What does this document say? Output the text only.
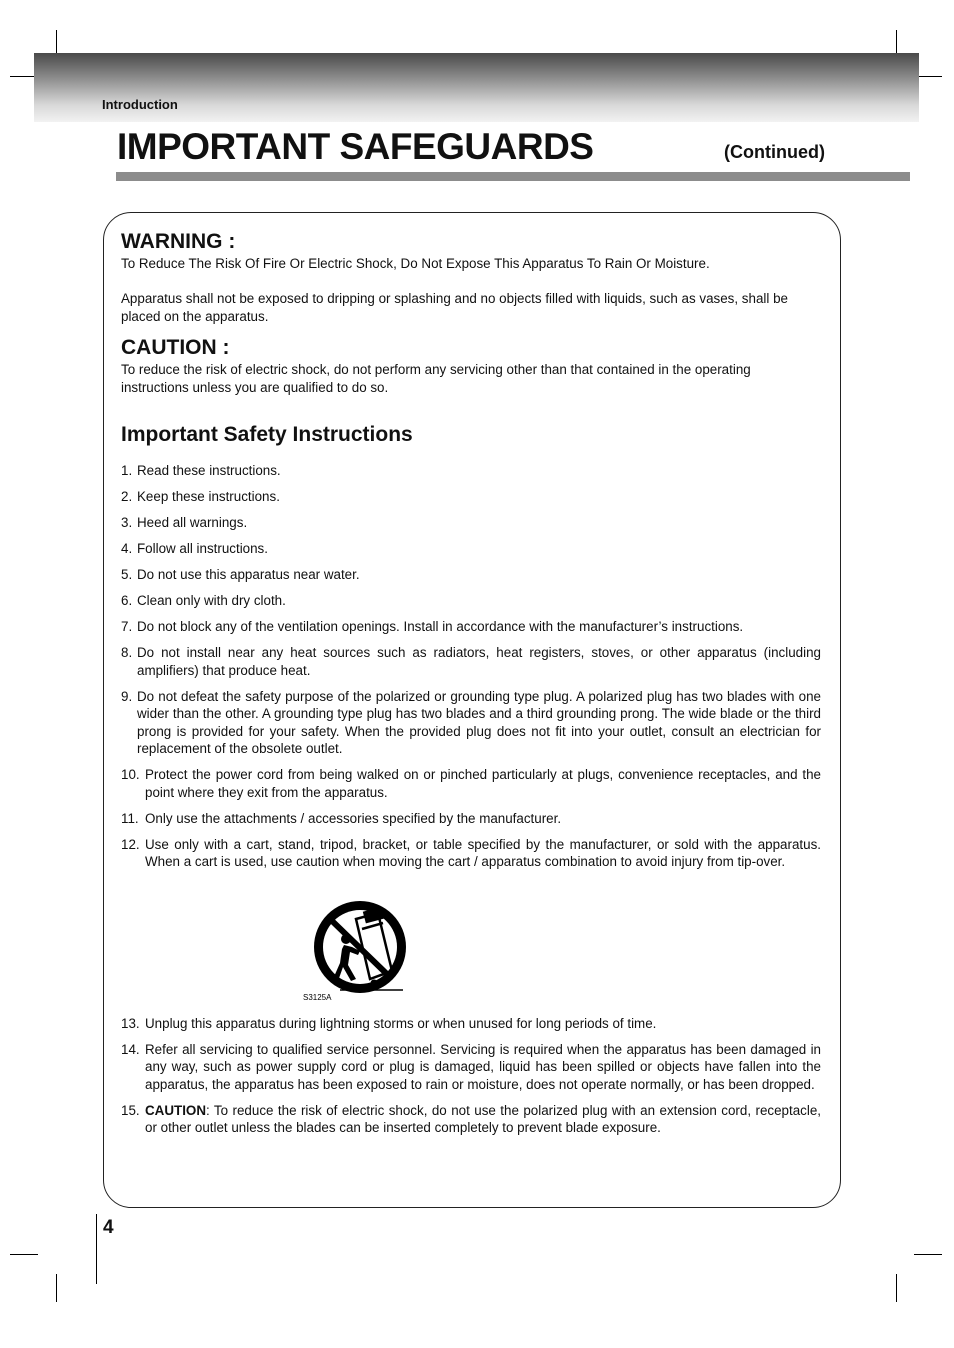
Introduction
IMPORTANT SAFEGUARDS	(Continued)
WARNING :
To Reduce The Risk Of Fire Or Electric Shock, Do Not Expose This Apparatus To Rain Or Moisture.
Apparatus shall not be exposed to dripping or splashing and no objects filled with liquids, such as vases, shall be placed on the apparatus.
CAUTION :
To reduce the risk of electric shock, do not perform any servicing other than that contained in the operating instructions unless you are qualified to do so.
Important Safety Instructions
1. Read these instructions.
2. Keep these instructions.
3. Heed all warnings.
4. Follow all instructions.
5. Do not use this apparatus near water.
6. Clean only with dry cloth.
7. Do not block any of the ventilation openings. Install in accordance with the manufacturer’s instructions.
8. Do not install near any heat sources such as radiators, heat registers, stoves, or other apparatus (including amplifiers) that produce heat.
9. Do not defeat the safety purpose of the polarized or grounding type plug. A polarized plug has two blades with one wider than the other. A grounding type plug has two blades and a third grounding prong. The wide blade or the third prong is provided for your safety. When the provided plug does not fit into your outlet, consult an electrician for replacement of the obsolete outlet.
10. Protect the power cord from being walked on or pinched particularly at plugs, convenience receptacles, and the point where they exit from the apparatus.
11. Only use the attachments / accessories specified by the manufacturer.
12. Use only with a cart, stand, tripod, bracket, or table specified by the manufacturer, or sold with the apparatus. When a cart is used, use caution when moving the cart / apparatus combination to avoid injury from tip-over.
13. Unplug this apparatus during lightning storms or when unused for long periods of time.
14. Refer all servicing to qualified service personnel. Servicing is required when the apparatus has been damaged in any way, such as power supply cord or plug is damaged, liquid has been spilled or objects have fallen into the apparatus, the apparatus has been exposed to rain or moisture, does not operate normally, or has been dropped.
15. CAUTION: To reduce the risk of electric shock, do not use the polarized plug with an extension cord, receptacle, or other outlet unless the blades can be inserted completely to prevent blade exposure.
S3125A
4
